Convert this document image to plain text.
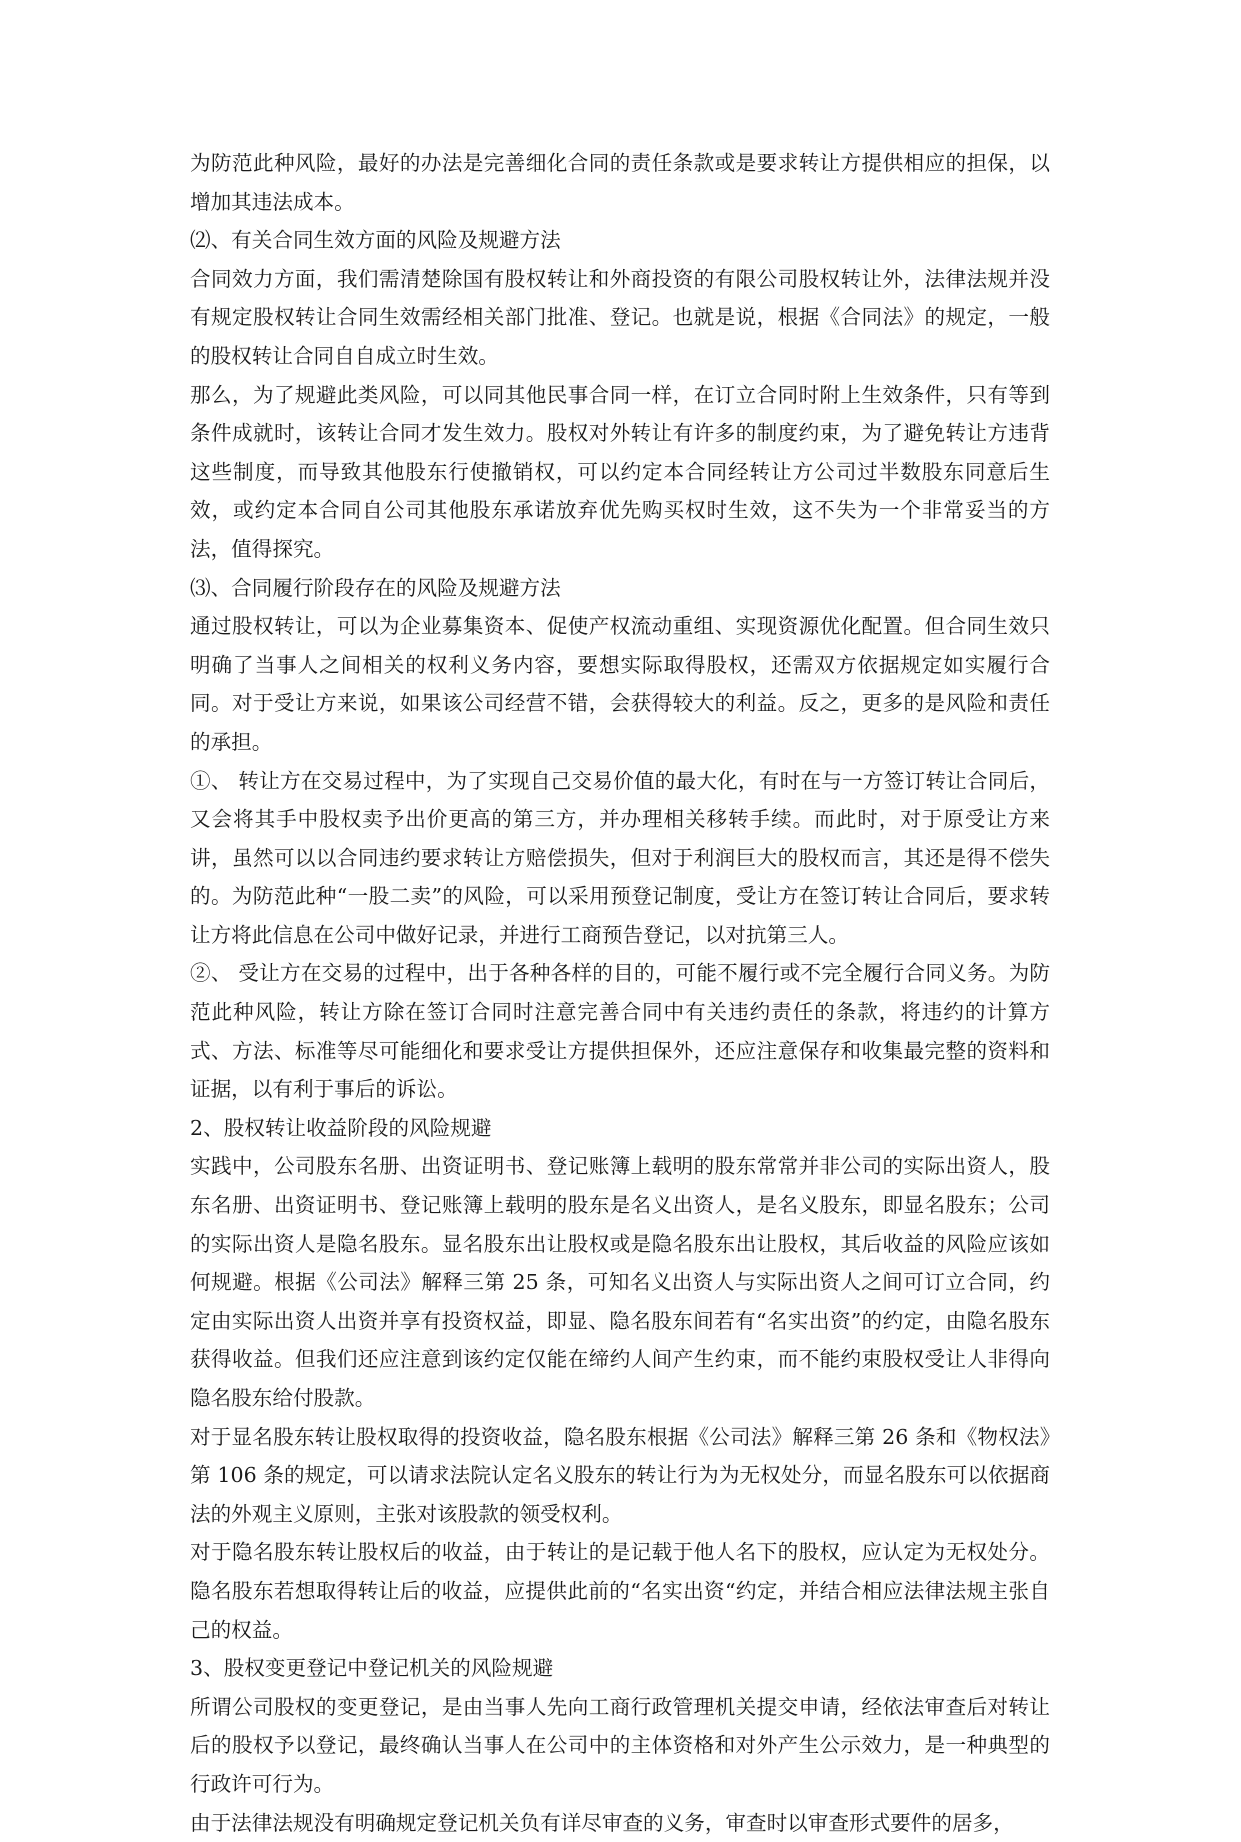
为防范此种风险，最好的办法是完善细化合同的责任条款或是要求转让方提供相应的担保，以增加其违法成本。

⑵、有关合同生效方面的风险及规避方法

合同效力方面，我们需清楚除国有股权转让和外商投资的有限公司股权转让外，法律法规并没有规定股权转让合同生效需经相关部门批准、登记。也就是说，根据《合同法》的规定，一般的股权转让合同自自成立时生效。

那么，为了规避此类风险，可以同其他民事合同一样，在订立合同时附上生效条件，只有等到条件成就时，该转让合同才发生效力。股权对外转让有许多的制度约束，为了避免转让方违背这些制度，而导致其他股东行使撤销权，可以约定本合同经转让方公司过半数股东同意后生效，或约定本合同自公司其他股东承诺放弃优先购买权时生效，这不失为一个非常妥当的方法，值得探究。

⑶、合同履行阶段存在的风险及规避方法

通过股权转让，可以为企业募集资本、促使产权流动重组、实现资源优化配置。但合同生效只明确了当事人之间相关的权利义务内容，要想实际取得股权，还需双方依据规定如实履行合同。对于受让方来说，如果该公司经营不错，会获得较大的利益。反之，更多的是风险和责任的承担。

①、 转让方在交易过程中，为了实现自己交易价值的最大化，有时在与一方签订转让合同后，又会将其手中股权卖予出价更高的第三方，并办理相关移转手续。而此时，对于原受让方来讲，虽然可以以合同违约要求转让方赔偿损失，但对于利润巨大的股权而言，其还是得不偿失的。为防范此种“一股二卖”的风险，可以采用预登记制度，受让方在签订转让合同后，要求转让方将此信息在公司中做好记录，并进行工商预告登记，以对抗第三人。

②、 受让方在交易的过程中，出于各种各样的目的，可能不履行或不完全履行合同义务。为防范此种风险，转让方除在签订合同时注意完善合同中有关违约责任的条款，将违约的计算方式、方法、标准等尽可能细化和要求受让方提供担保外，还应注意保存和收集最完整的资料和证据，以有利于事后的诉讼。

2、股权转让收益阶段的风险规避

实践中，公司股东名册、出资证明书、登记账簿上载明的股东常常并非公司的实际出资人，股东名册、出资证明书、登记账簿上载明的股东是名义出资人，是名义股东，即显名股东；公司的实际出资人是隐名股东。显名股东出让股权或是隐名股东出让股权，其后收益的风险应该如何规避。根据《公司法》解释三第 25 条，可知名义出资人与实际出资人之间可订立合同，约定由实际出资人出资并享有投资权益，即显、隐名股东间若有“名实出资”的约定，由隐名股东获得收益。但我们还应注意到该约定仅能在缔约人间产生约束，而不能约束股权受让人非得向隐名股东给付股款。

对于显名股东转让股权取得的投资收益，隐名股东根据《公司法》解释三第 26 条和《物权法》第 106 条的规定，可以请求法院认定名义股东的转让行为为无权处分，而显名股东可以依据商法的外观主义原则，主张对该股款的领受权利。

对于隐名股东转让股权后的收益，由于转让的是记载于他人名下的股权，应认定为无权处分。隐名股东若想取得转让后的收益，应提供此前的“名实出资“约定，并结合相应法律法规主张自己的权益。

3、股权变更登记中登记机关的风险规避

所谓公司股权的变更登记，是由当事人先向工商行政管理机关提交申请，经依法审查后对转让后的股权予以登记，最终确认当事人在公司中的主体资格和对外产生公示效力，是一种典型的行政许可行为。

由于法律法规没有明确规定登记机关负有详尽审查的义务，审查时以审查形式要件的居多，
